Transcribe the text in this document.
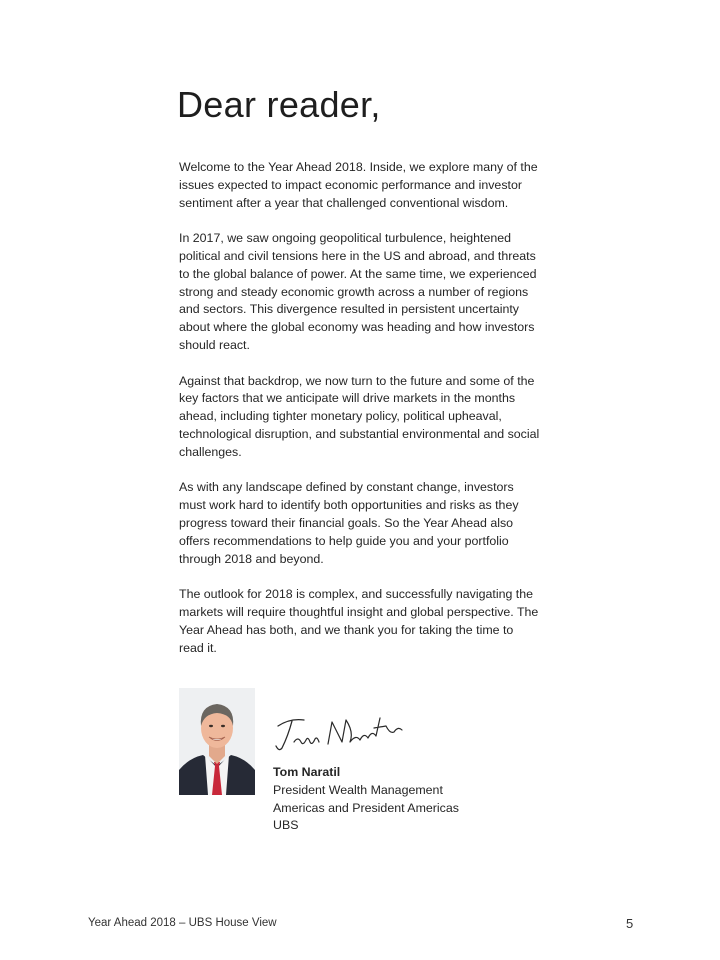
Dear reader,

Welcome to the Year Ahead 2018. Inside, we explore many of the issues expected to impact economic performance and investor sentiment after a year that challenged conventional wisdom.

In 2017, we saw ongoing geopolitical turbulence, heightened political and civil tensions here in the US and abroad, and threats to the global balance of power. At the same time, we experienced strong and steady economic growth across a number of regions and sectors. This divergence resulted in persistent uncertainty about where the global economy was heading and how investors should react.

Against that backdrop, we now turn to the future and some of the key factors that we anticipate will drive markets in the months ahead, including tighter monetary policy, political upheaval, technological disruption, and substantial environmental and social challenges.

As with any landscape defined by constant change, investors must work hard to identify both opportunities and risks as they progress toward their financial goals. So the Year Ahead also offers recommendations to help guide you and your portfolio through 2018 and beyond.

The outlook for 2018 is complex, and successfully navigating the markets will require thoughtful insight and global perspective. The Year Ahead has both, and we thank you for taking the time to read it.

Tom Naratil
President Wealth Management
Americas and President Americas
UBS
Year Ahead 2018 – UBS House View	5
